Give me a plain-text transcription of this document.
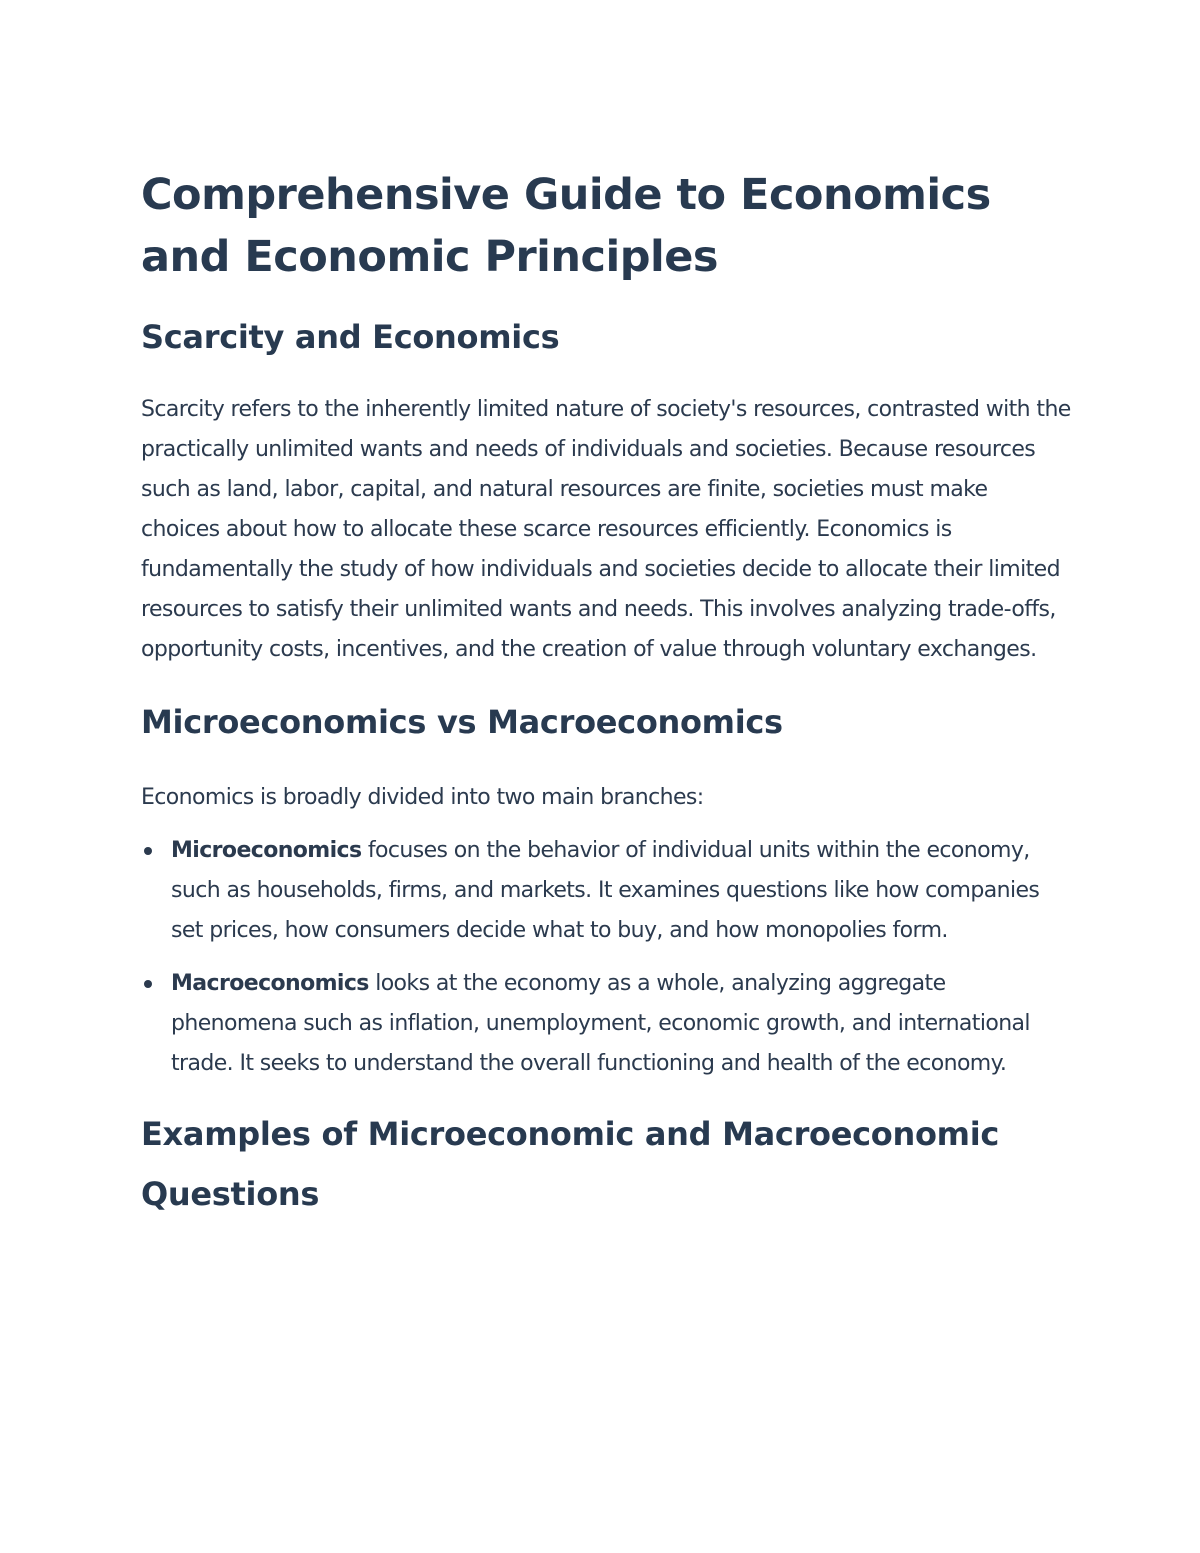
Comprehensive Guide to Economics and Economic Principles
Scarcity and Economics

Scarcity refers to the inherently limited nature of society's resources, contrasted with the practically unlimited wants and needs of individuals and societies. Because resources such as land, labor, capital, and natural resources are finite, societies must make choices about how to allocate these scarce resources efficiently. Economics is fundamentally the study of how individuals and societies decide to allocate their limited resources to satisfy their unlimited wants and needs. This involves analyzing trade-offs, opportunity costs, incentives, and the creation of value through voluntary exchanges.

Microeconomics vs Macroeconomics

Economics is broadly divided into two main branches:

Microeconomics focuses on the behavior of individual units within the economy, such as households, firms, and markets. It examines questions like how companies set prices, how consumers decide what to buy, and how monopolies form.
Macroeconomics looks at the economy as a whole, analyzing aggregate phenomena such as inflation, unemployment, economic growth, and international trade. It seeks to understand the overall functioning and health of the economy.
Examples of Microeconomic and Macroeconomic Questions
